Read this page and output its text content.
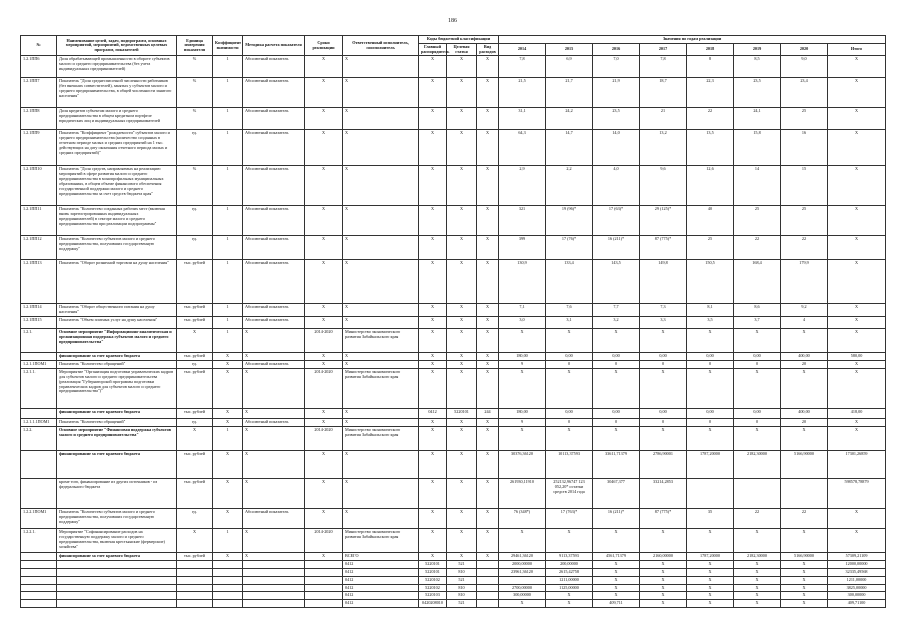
186
№	Наименование целей, задач, подпрограмм, основных мероприятий, мероприятий, ведомственных целевых программ, показателей	Единица измерения показателя	Коэффициент значимости	Методика расчета показателя	Сроки реализации	Ответственный исполнитель, соисполнитель	Коды бюджетной классификации			Значения по годам реализации							
							Главный распорядитель	Целевая статья	Вид расходов	2014	2015	2016	2017	2018	2019	2020	Итого
1.2.1ПП6	Доля обрабатывающей промышленности в обороте субъектов малого и среднего предпринимательства (без учета индивидуальных предпринимателей)	%	1	Абсолютный показатель	X	X	X	X	X	7,8	6,9	7,0	7,8	8	8,5	9,0	X
1.2.1ПП7	Показатель "Доля среднесписочной численности работников (без внешних совместителей), занятых у субъектов малого и среднего предпринимательства, в общей численности занятого населения"	%	1	Абсолютный показатель	X	X	X	X	X	21,5	21,7	21,9	18,7	22,3	23,5	23,4	X
1.2.1ПП8	Доля кредитов субъектам малого и среднего предпринимательства в общем кредитном портфеле юридических лиц и индивидуальных предпринимателей	%	1	Абсолютный показатель	X	X	X	X	X	31,1	24,2	23,5	21	22	24,1	25	X
1.2.1ПП9	Показатель "Коэффициент "рождаемости" субъектов малого и среднего предпринимательства (количество созданных в отчетном периоде малых и средних предприятий на 1 тыс. действующих на дату окончания отчетного периода малых и средних предприятий)"	ед.	1	Абсолютный показатель	X	X	X	X	X	64,3	14,7	14,0	13,2	13,5	15,8	16	X
1.2.1ПП10	Показатель "Доля средств, направляемых на реализацию мероприятий в сфере развития малого и среднего предпринимательства в монопрофильных муниципальных образованиях, в общем объеме финансового обеспечения государственной поддержки малого и среднего предпринимательства за счет средств бюджета края"	%	1	Абсолютный показатель	X	X	X	X	X	2,9	2,2	4,0	9,6	12,6	14	15	X
1.2.1ПП11	Показатель "Количество созданных рабочих мест (включая вновь зарегистрированных индивидуальных предпринимателей) в секторе малого и среднего предпринимательства при реализации подпрограммы"	ед.	1	Абсолютный показатель	X	X	X	X	X	321	19 (96)*	17 (63)*	29 (125)*	40	25	25	X
1.2.1ПП12	Показатель "Количество субъектов малого и среднего предпринимательства, получивших государственную поддержку"	ед.	1	Абсолютный показатель	X	X	X	X	X	399	17 (76)*	16 (211)*	87 (775)*	25	22	22	X
1.2.1ПП13	Показатель "Оборот розничной торговли на душу населения"	тыс. рублей	1	Абсолютный показатель	X	X	X	X	X	130,9	133,4	143,5	149,8	150,5	168,4	179,9	X
1.2.1ПП14	Показатель "Оборот общественного питания на душу населения"	тыс. рублей	1	Абсолютный показатель	X	X	X	X	X	7,1	7,6	7,7	7,3	8,1	8,6	9,2	X
1.2.1ПП15	Показатель "Объем платных услуг на душу населения"	тыс. рублей	1	Абсолютный показатель	X	X	X	X	X	3,0	3,1	3,2	3,3	3,5	3,7	4	X
1.2.1.	Основное мероприятие "Информационно-аналитическая и организационная поддержка субъектов малого и среднего предпринимательства"	X	1	X	2014-2020	Министерство экономического развития Забайкальского края	X	X	X	X	X	X	X	X	X	X	X
	финансирование за счет краевого бюджета	тыс. рублей	X	X	X	X	X	X	X	180,00	0,00	0,00	0,00	0,00	0,00	400,00	580,00
1.2.1.1ПОМ1	Показатель "Количество обращений"	ед.	X	Абсолютный показатель	X	X	X	X	X	9	0	0	0	0	0	20	X
1.2.1.1.	Мероприятие "Организация подготовки управленческих кадров для субъектов малого и среднего предпринимательства (реализация "Губернаторской программы подготовки управленческих кадров для субъектов малого и среднего предпринимательства")"	тыс. рублей	X	X	2014-2020	Министерство экономического развития Забайкальского края	X	X	X	X	X	X	X	X	X	X	X
	финансирование за счет краевого бюджета	тыс. рублей	X	X	X	X	0412	5220101	244	180,00	0,00	0,00	0,00	0,00	0,00	400,00	418,00
1.2.1.1.1ПОМ1	Показатель "Количество обращений"	ед.	X	Абсолютный показатель	X	X	X	X	X	9	0	0	0	0	0	20	X
1.2.2.	Основное мероприятие "Финансовая поддержка субъектов малого и среднего предпринимательства"	X	1	X	2014-2020	Министерство экономического развития Забайкальского края	X	X	X	X	X	X	X	X	X	X	X
	финансирование за счет краевого бюджета	тыс. рублей	X	X	X	X	X	X	X	30376,36120	10113,37593	33611,71379	2786,90001	1787,20000	2182,30000	5166,90000	17301,26859
	кроме того, финансирование из других источников - из федерального бюджета	тыс. рублей	X	X	X	X	X	X	X	261930,11910	252132,96747 123 052,20* остатки средств 2014 года	30467,377	33214,2853				598578,78879
1.2.2.1ПОМ1	Показатель "Количество субъектов малого и среднего предпринимательства, получивших государственную поддержку"	ед.	X	Абсолютный показатель	X	X	X	X	X	76 (348*)	17 (763)*	16 (211)*	87 (775)*	35	22	22	X
1.2.2.1.	Мероприятие "Софинансирование расходов на государственную поддержку малого и среднего предпринимательства, включая крестьянские (фермерские) хозяйства"	X	1	X	2014-2020	Министерство экономического развития Забайкальского края	X	X	X	X	X	X	X	X	X	X	X
	финансирование за счет краевого бюджета	тыс. рублей	X	X	X	ВСЕГО	X	X	X	29461,36120	9113,37593	4561,71379	2160,00000	1787,20000	2182,30000	5166,90000	57309,21109
						0412	5220101	521		2000,00000	200,00000	X	X	X	X	X	12000,00000
						0412	5220101	810		23961,36120	2615,42758	X	X	X	X	X	32335,49568
						0412	5220102	521			1211,00000	X	X	X	X	X	1211,00000
						0412	5220102	810		2700,00000	1125,00000	X	X	X	X	X	3825,00000
						0412	5220103	810		300,00000	X	X	X	X	X	X	300,00000
						0412	0420208010	521		X	X	409,711	X	X	X	X	409,71100
